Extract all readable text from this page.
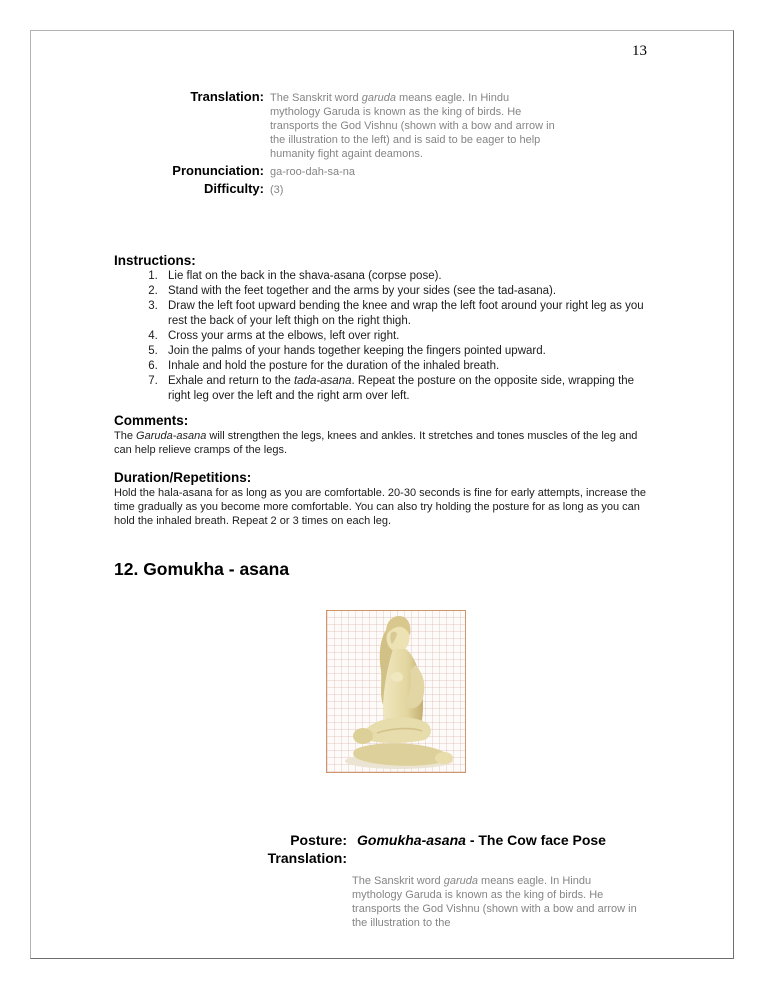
13
Translation: The Sanskrit word garuda means eagle. In Hindu mythology Garuda is known as the king of birds. He transports the God Vishnu (shown with a bow and arrow in the illustration to the left) and is said to be eager to help humanity fight againt deamons.
Pronunciation: ga-roo-dah-sa-na
Difficulty: (3)
Instructions:
1. Lie flat on the back in the shava-asana (corpse pose).
2. Stand with the feet together and the arms by your sides (see the tad-asana).
3. Draw the left foot upward bending the knee and wrap the left foot around your right leg as you rest the back of your left thigh on the right thigh.
4. Cross your arms at the elbows, left over right.
5. Join the palms of your hands together keeping the fingers pointed upward.
6. Inhale and hold the posture for the duration of the inhaled breath.
7. Exhale and return to the tada-asana. Repeat the posture on the opposite side, wrapping the right leg over the left and the right arm over left.
Comments:
The Garuda-asana will strengthen the legs, knees and ankles. It stretches and tones muscles of the leg and can help relieve cramps of the legs.
Duration/Repetitions:
Hold the hala-asana for as long as you are comfortable. 20-30 seconds is fine for early attempts, increase the time gradually as you become more comfortable. You can also try holding the posture for as long as you can hold the inhaled breath. Repeat 2 or 3 times on each leg.
12. Gomukha - asana
Posture: Gomukha-asana - The Cow face Pose
Translation:
The Sanskrit word garuda means eagle. In Hindu mythology Garuda is known as the king of birds. He transports the God Vishnu (shown with a bow and arrow in the illustration to the
